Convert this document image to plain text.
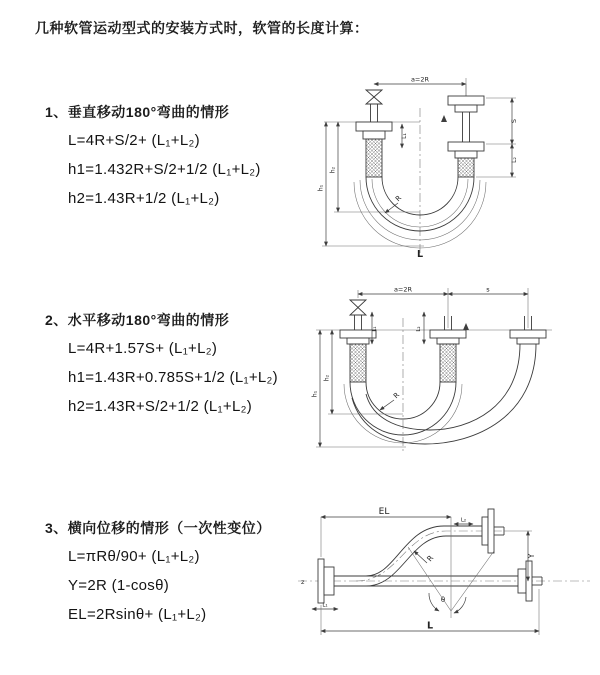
几种软管运动型式的安装方式时，软管的长度计算：
1、垂直移动180°弯曲的情形
L=4R+S/2+ (L₁+L₂)
h1=1.432R+S/2+1/2 (L₁+L₂)
h2=1.43R+1/2 (L₁+L₂)
2、水平移动180°弯曲的情形
L=4R+1.57S+ (L₁+L₂)
h1=1.43R+0.785S+1/2 (L₁+L₂)
h2=1.43R+S/2+1/2 (L₁+L₂)
3、横向位移的情形（一次性变位）
L=πRθ/90+ (L₁+L₂)
Y=2R (1-cosθ)
EL=2Rsinθ+ (L₁+L₂)
a=2R
L₁
S
L₂
h₁
h₂
R
L
a=2R	s
L₁	L₂
h₁
h₂
R
z
EL
L₂
Y
θ
R
L₁
L
